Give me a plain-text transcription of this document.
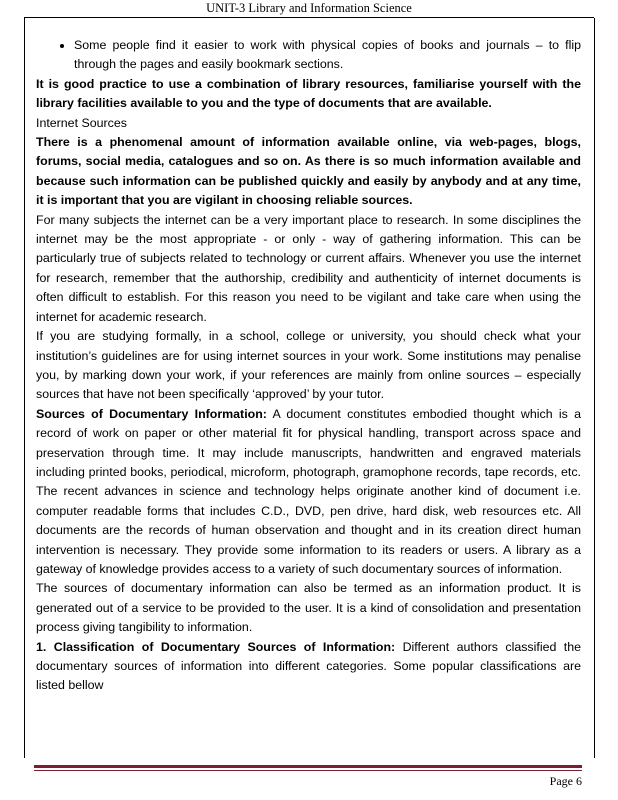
UNIT-3 Library and Information Science
• Some people find it easier to work with physical copies of books and journals – to flip through the pages and easily bookmark sections.

It is good practice to use a combination of library resources, familiarise yourself with the library facilities available to you and the type of documents that are available.

Internet Sources

There is a phenomenal amount of information available online, via web-pages, blogs, forums, social media, catalogues and so on. As there is so much information available and because such information can be published quickly and easily by anybody and at any time, it is important that you are vigilant in choosing reliable sources.

For many subjects the internet can be a very important place to research. In some disciplines the internet may be the most appropriate - or only - way of gathering information. This can be particularly true of subjects related to technology or current affairs. Whenever you use the internet for research, remember that the authorship, credibility and authenticity of internet documents is often difficult to establish. For this reason you need to be vigilant and take care when using the internet for academic research.

If you are studying formally, in a school, college or university, you should check what your institution’s guidelines are for using internet sources in your work. Some institutions may penalise you, by marking down your work, if your references are mainly from online sources – especially sources that have not been specifically ‘approved’ by your tutor.

Sources of Documentary Information: A document constitutes embodied thought which is a record of work on paper or other material fit for physical handling, transport across space and preservation through time. It may include manuscripts, handwritten and engraved materials including printed books, periodical, microform, photograph, gramophone records, tape records, etc. The recent advances in science and technology helps originate another kind of document i.e. computer readable forms that includes C.D., DVD, pen drive, hard disk, web resources etc. All documents are the records of human observation and thought and in its creation direct human intervention is necessary. They provide some information to its readers or users. A library as a gateway of knowledge provides access to a variety of such documentary sources of information.

The sources of documentary information can also be termed as an information product. It is generated out of a service to be provided to the user. It is a kind of consolidation and presentation process giving tangibility to information.

1. Classification of Documentary Sources of Information: Different authors classified the documentary sources of information into different categories. Some popular classifications are listed bellow

Page 6
